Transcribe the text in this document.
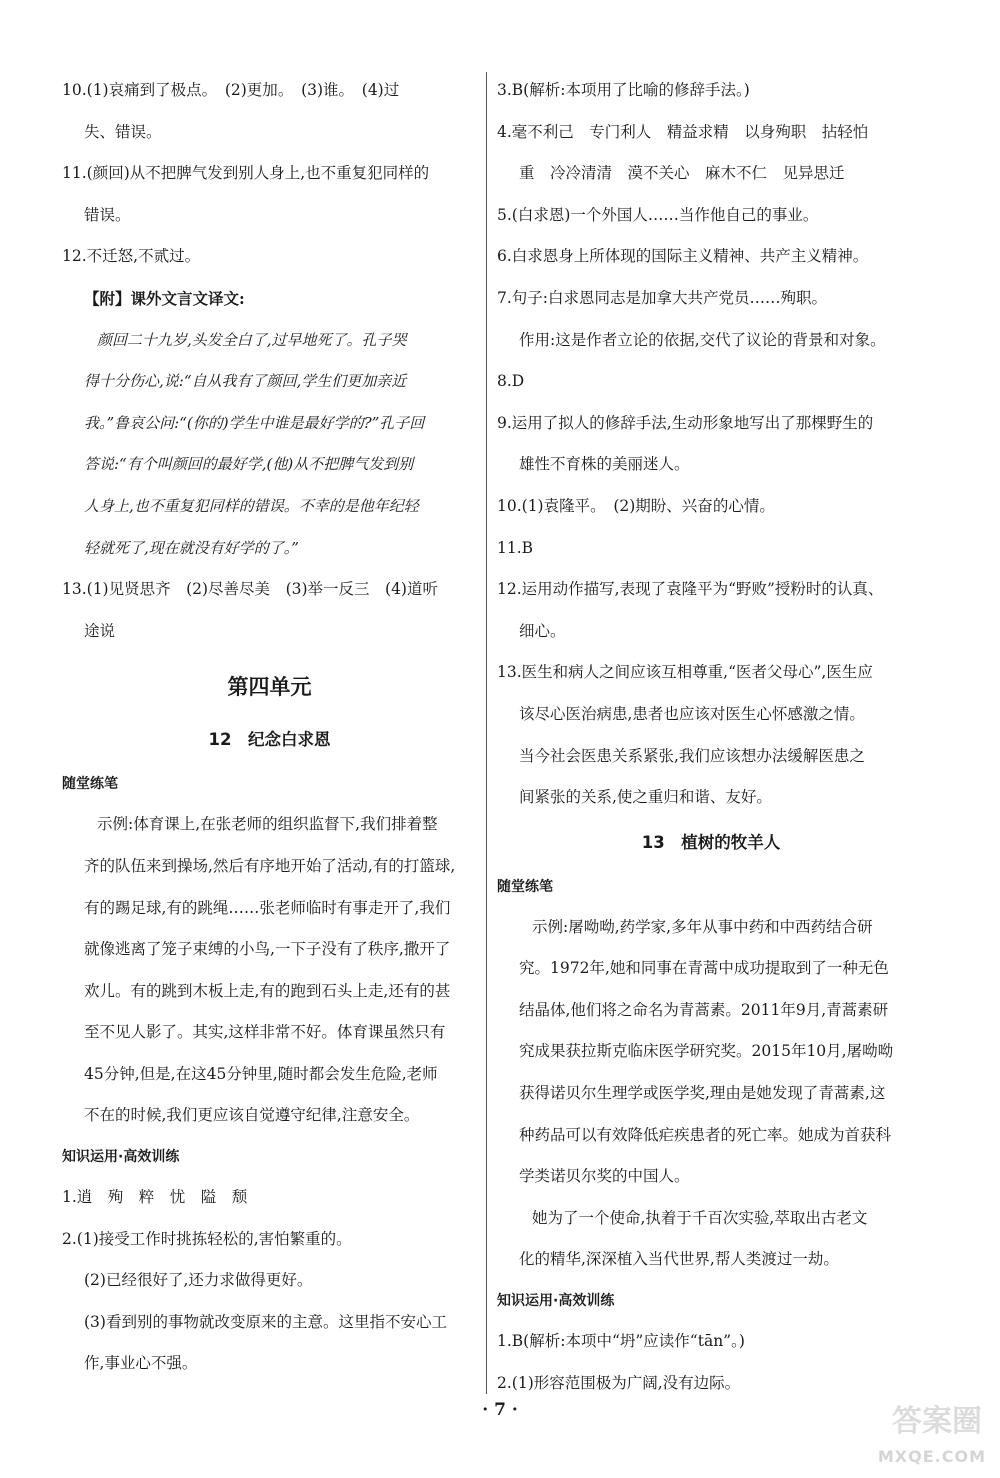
10.(1)哀痛到了极点。　(2)更加。　(3)谁。　(4)过

失、错误。

11.(颜回)从不把脾气发到别人身上,也不重复犯同样的

错误。

12.不迁怒,不贰过。

【附】课外文言文译文:

颜回二十九岁,头发全白了,过早地死了。孔子哭

得十分伤心,说:“自从我有了颜回,学生们更加亲近

我。”鲁哀公问:“(你的)学生中谁是最好学的?”孔子回

答说:“有个叫颜回的最好学,(他)从不把脾气发到别

人身上,也不重复犯同样的错误。不幸的是他年纪轻

轻就死了,现在就没有好学的了。”

13.(1)见贤思齐　(2)尽善尽美　(3)举一反三　(4)道听

途说

第四单元

12　纪念白求恩

随堂练笔

示例:体育课上,在张老师的组织监督下,我们排着整

齐的队伍来到操场,然后有序地开始了活动,有的打篮球,

有的踢足球,有的跳绳……张老师临时有事走开了,我们

就像逃离了笼子束缚的小鸟,一下子没有了秩序,撒开了

欢儿。有的跳到木板上走,有的跑到石头上走,还有的甚

至不见人影了。其实,这样非常不好。体育课虽然只有

45分钟,但是,在这45分钟里,随时都会发生危险,老师

不在的时候,我们更应该自觉遵守纪律,注意安全。

知识运用·高效训练

1.逍　殉　粹　忧　隘　颓

2.(1)接受工作时挑拣轻松的,害怕繁重的。

(2)已经很好了,还力求做得更好。

(3)看到别的事物就改变原来的主意。这里指不安心工

作,事业心不强。

3.B(解析:本项用了比喻的修辞手法。)

4.毫不利己　专门利人　精益求精　以身殉职　拈轻怕

重　冷冷清清　漠不关心　麻木不仁　见异思迁

5.(白求恩)一个外国人……当作他自己的事业。

6.白求恩身上所体现的国际主义精神、共产主义精神。

7.句子:白求恩同志是加拿大共产党员……殉职。

作用:这是作者立论的依据,交代了议论的背景和对象。

8.D

9.运用了拟人的修辞手法,生动形象地写出了那棵野生的

雄性不育株的美丽迷人。

10.(1)袁隆平。　(2)期盼、兴奋的心情。

11.B

12.运用动作描写,表现了袁隆平为“野败”授粉时的认真、

细心。

13.医生和病人之间应该互相尊重,“医者父母心”,医生应

该尽心医治病患,患者也应该对医生心怀感激之情。

当今社会医患关系紧张,我们应该想办法缓解医患之

间紧张的关系,使之重归和谐、友好。

13　植树的牧羊人

随堂练笔

示例:屠呦呦,药学家,多年从事中药和中西药结合研

究。1972年,她和同事在青蒿中成功提取到了一种无色

结晶体,他们将之命名为青蒿素。2011年9月,青蒿素研

究成果获拉斯克临床医学研究奖。2015年10月,屠呦呦

获得诺贝尔生理学或医学奖,理由是她发现了青蒿素,这

种药品可以有效降低疟疾患者的死亡率。她成为首获科

学类诺贝尔奖的中国人。

她为了一个使命,执着于千百次实验,萃取出古老文

化的精华,深深植入当代世界,帮人类渡过一劫。

知识运用·高效训练

1.B(解析:本项中“坍”应读作“tān”。)

2.(1)形容范围极为广阔,没有边际。

· 7 ·	答案圈
MXQE.COM
